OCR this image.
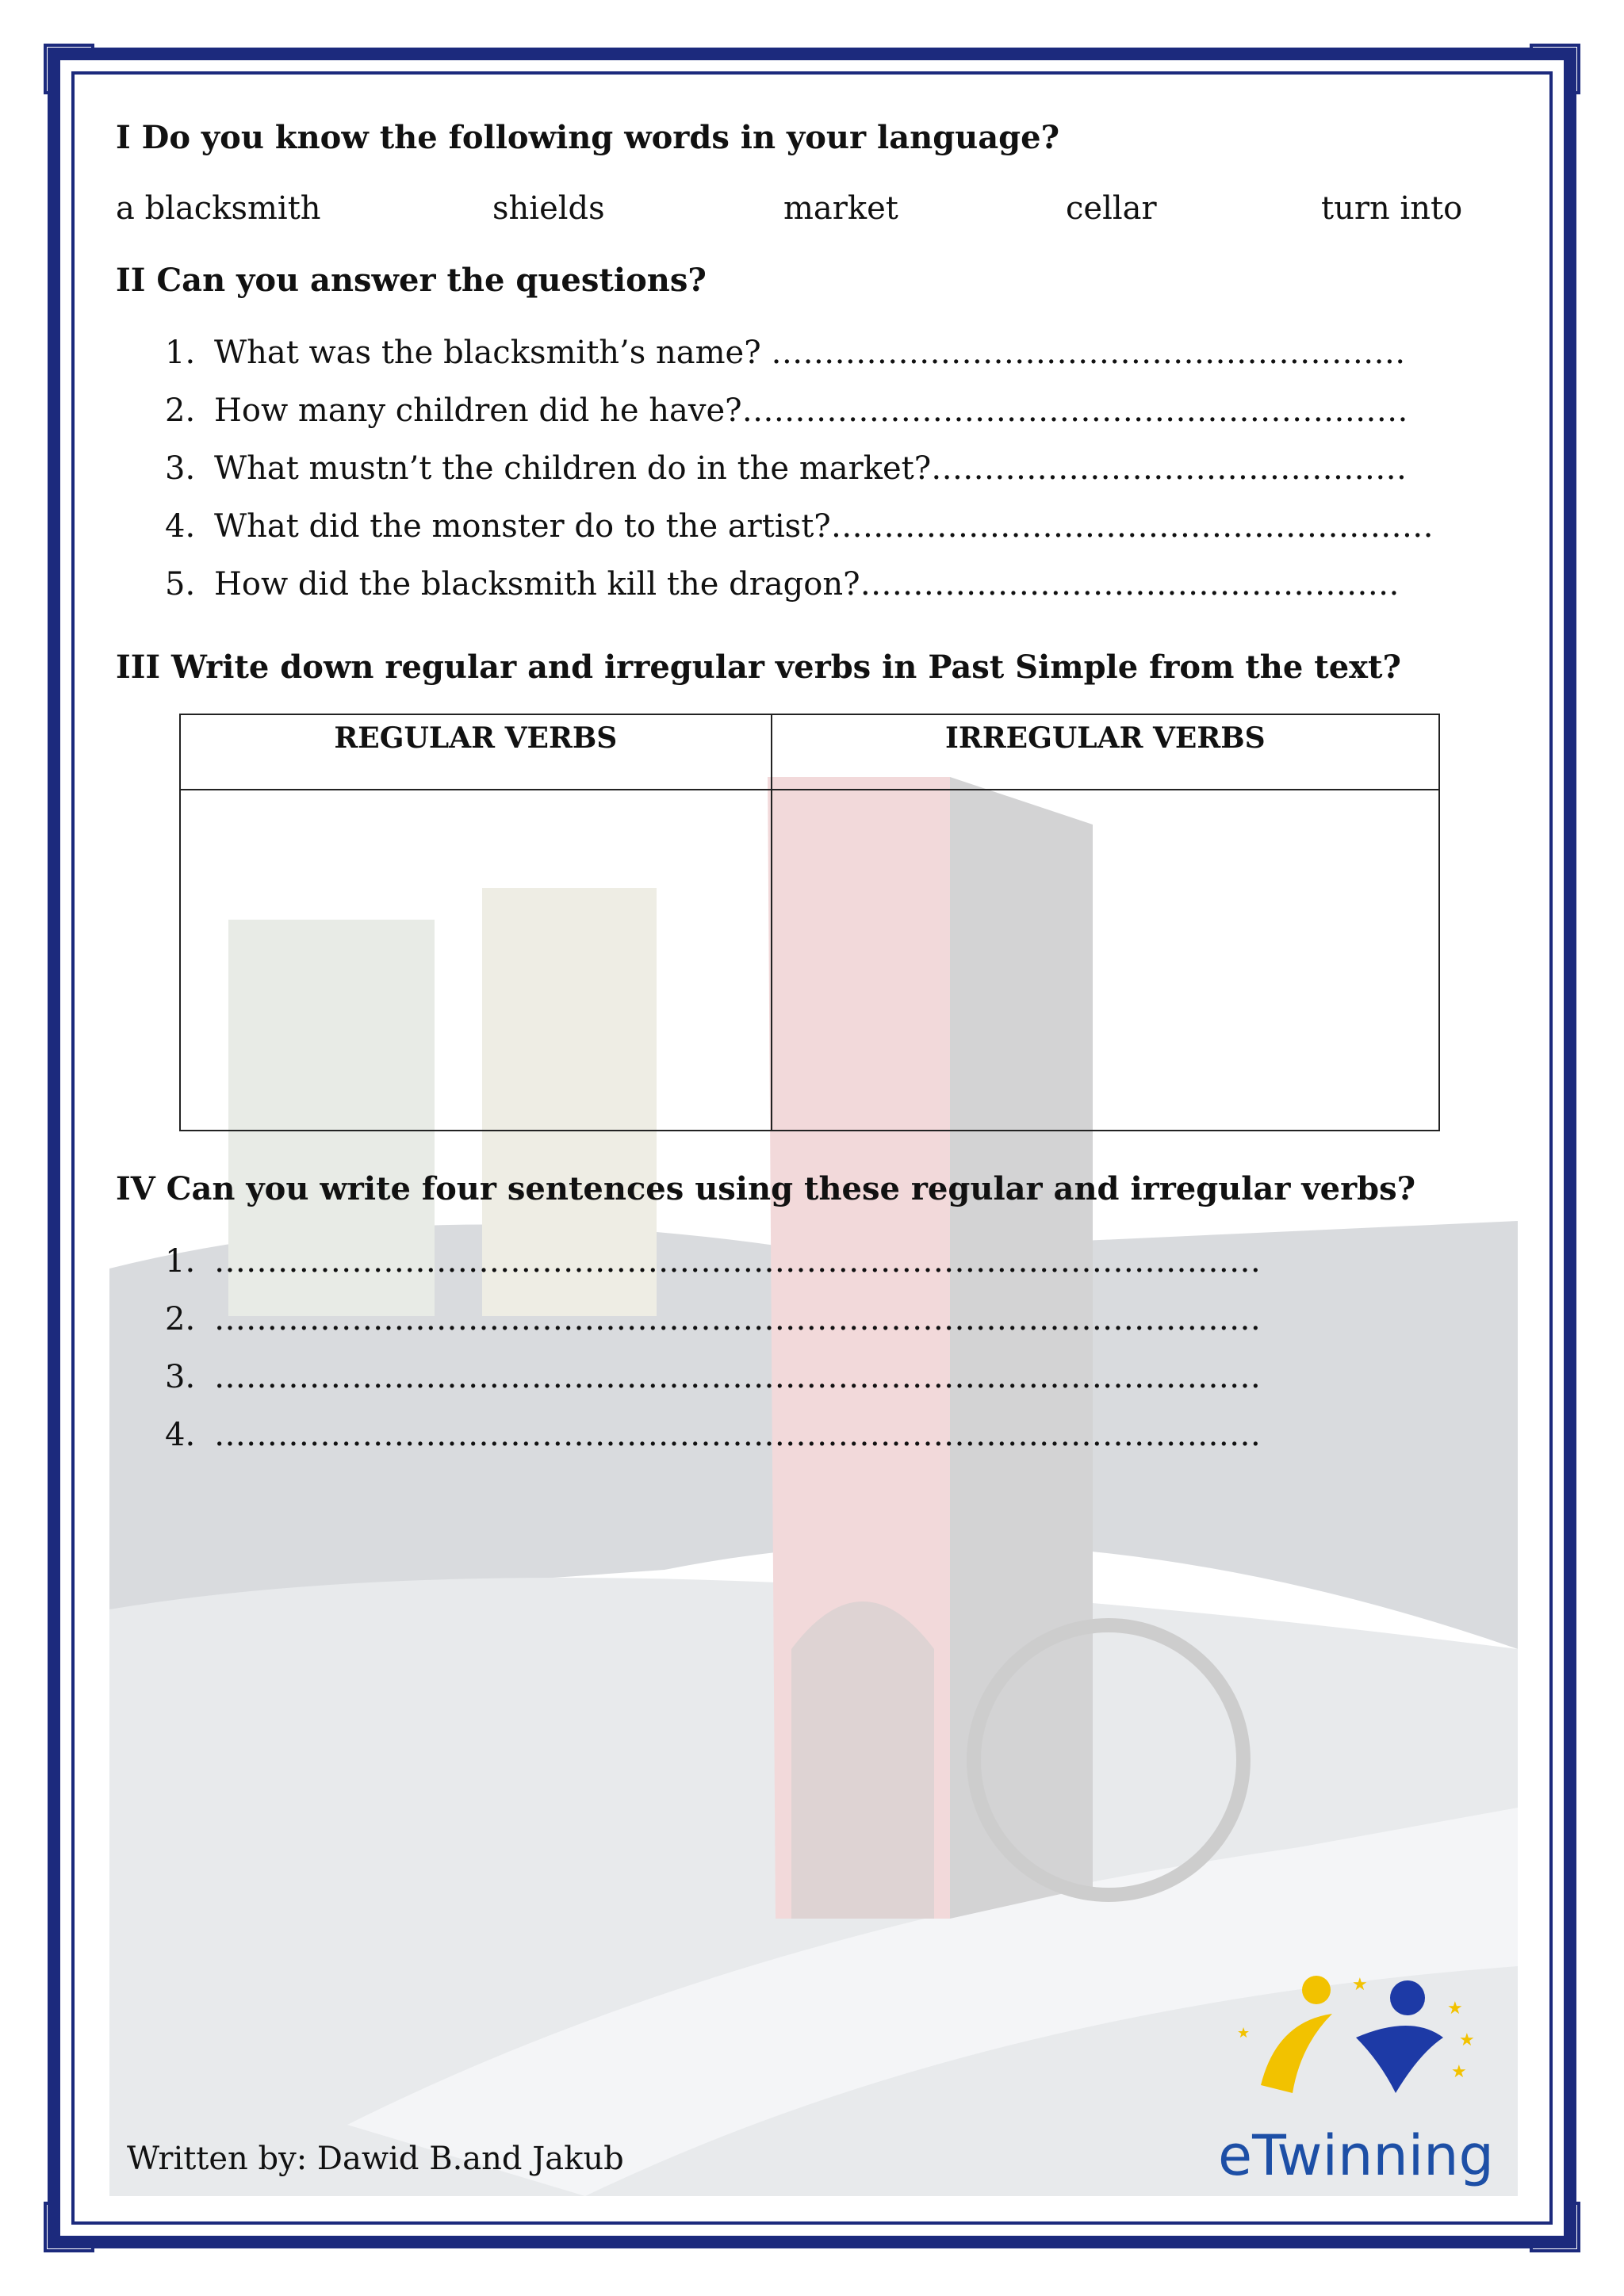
I Do you know the following words in your language?
a blacksmith	shields	market	cellar	turn into
II Can you answer the questions?
1. What was the blacksmith’s name? ……………………………………………………
2. How many children did he have?………………………………………………………
3. What mustn’t the children do in the market?………………………………………
4. What did the monster do to the artist?…………………………………………………
5. How did the blacksmith kill the dragon?……………………………………………
III Write down regular and irregular verbs in Past Simple from the text?
REGULAR VERBS	IRREGULAR VERBS

IV Can you write four sentences using these regular and irregular verbs?
1. ………………………………………………………………………………………
2. ………………………………………………………………………………………
3. ………………………………………………………………………………………
4. ………………………………………………………………………………………
Written by: Dawid B.and Jakub
★
★
★
★
★
eTwinning
